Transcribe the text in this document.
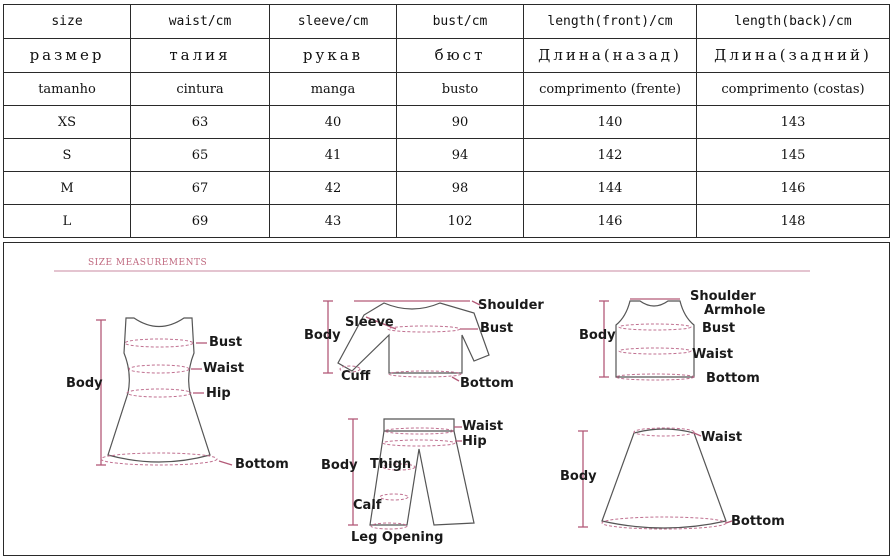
size	waist/cm	sleeve/cm	bust/cm	length(front)/cm	length(back)/cm
размер	талия	рукав	бюст	Длина(назад)	Длина(задний)
tamanho	cintura	manga	busto	comprimento (frente)	comprimento (costas)
XS	63	40	90	140	143
S	65	41	94	142	145
M	67	42	98	144	146
L	69	43	102	146	148
SIZE MEASUREMENTS
Body
Bust
Waist
Hip
Bottom
Body
Sleeve
Shoulder
Bust
Cuff	Bottom
Body
Shoulder
Armhole
Bust
Waist
Bottom
Body Thigh
Waist
Hip
Calf
Leg Opening
Body
Waist
Bottom
